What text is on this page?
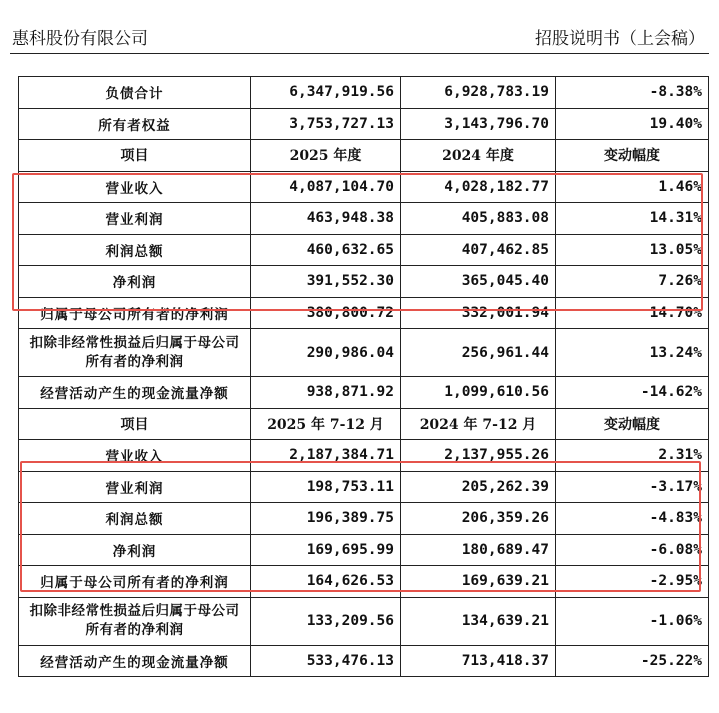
惠科股份有限公司	招股说明书（上会稿）
负债合计	6,347,919.56	6,928,783.19	-8.38%
所有者权益	3,753,727.13	3,143,796.70	19.40%
项目	2025 年度	2024 年度	变动幅度
营业收入	4,087,104.70	4,028,182.77	1.46%
营业利润	463,948.38	405,883.08	14.31%
利润总额	460,632.65	407,462.85	13.05%
净利润	391,552.30	365,045.40	7.26%
归属于母公司所有者的净利润	380,800.72	332,001.94	14.70%
扣除非经常性损益后归属于母公司所有者的净利润	290,986.04	256,961.44	13.24%
经营活动产生的现金流量净额	938,871.92	1,099,610.56	-14.62%
项目	2025 年 7-12 月	2024 年 7-12 月	变动幅度
营业收入	2,187,384.71	2,137,955.26	2.31%
营业利润	198,753.11	205,262.39	-3.17%
利润总额	196,389.75	206,359.26	-4.83%
净利润	169,695.99	180,689.47	-6.08%
归属于母公司所有者的净利润	164,626.53	169,639.21	-2.95%
扣除非经常性损益后归属于母公司所有者的净利润	133,209.56	134,639.21	-1.06%
经营活动产生的现金流量净额	533,476.13	713,418.37	-25.22%
